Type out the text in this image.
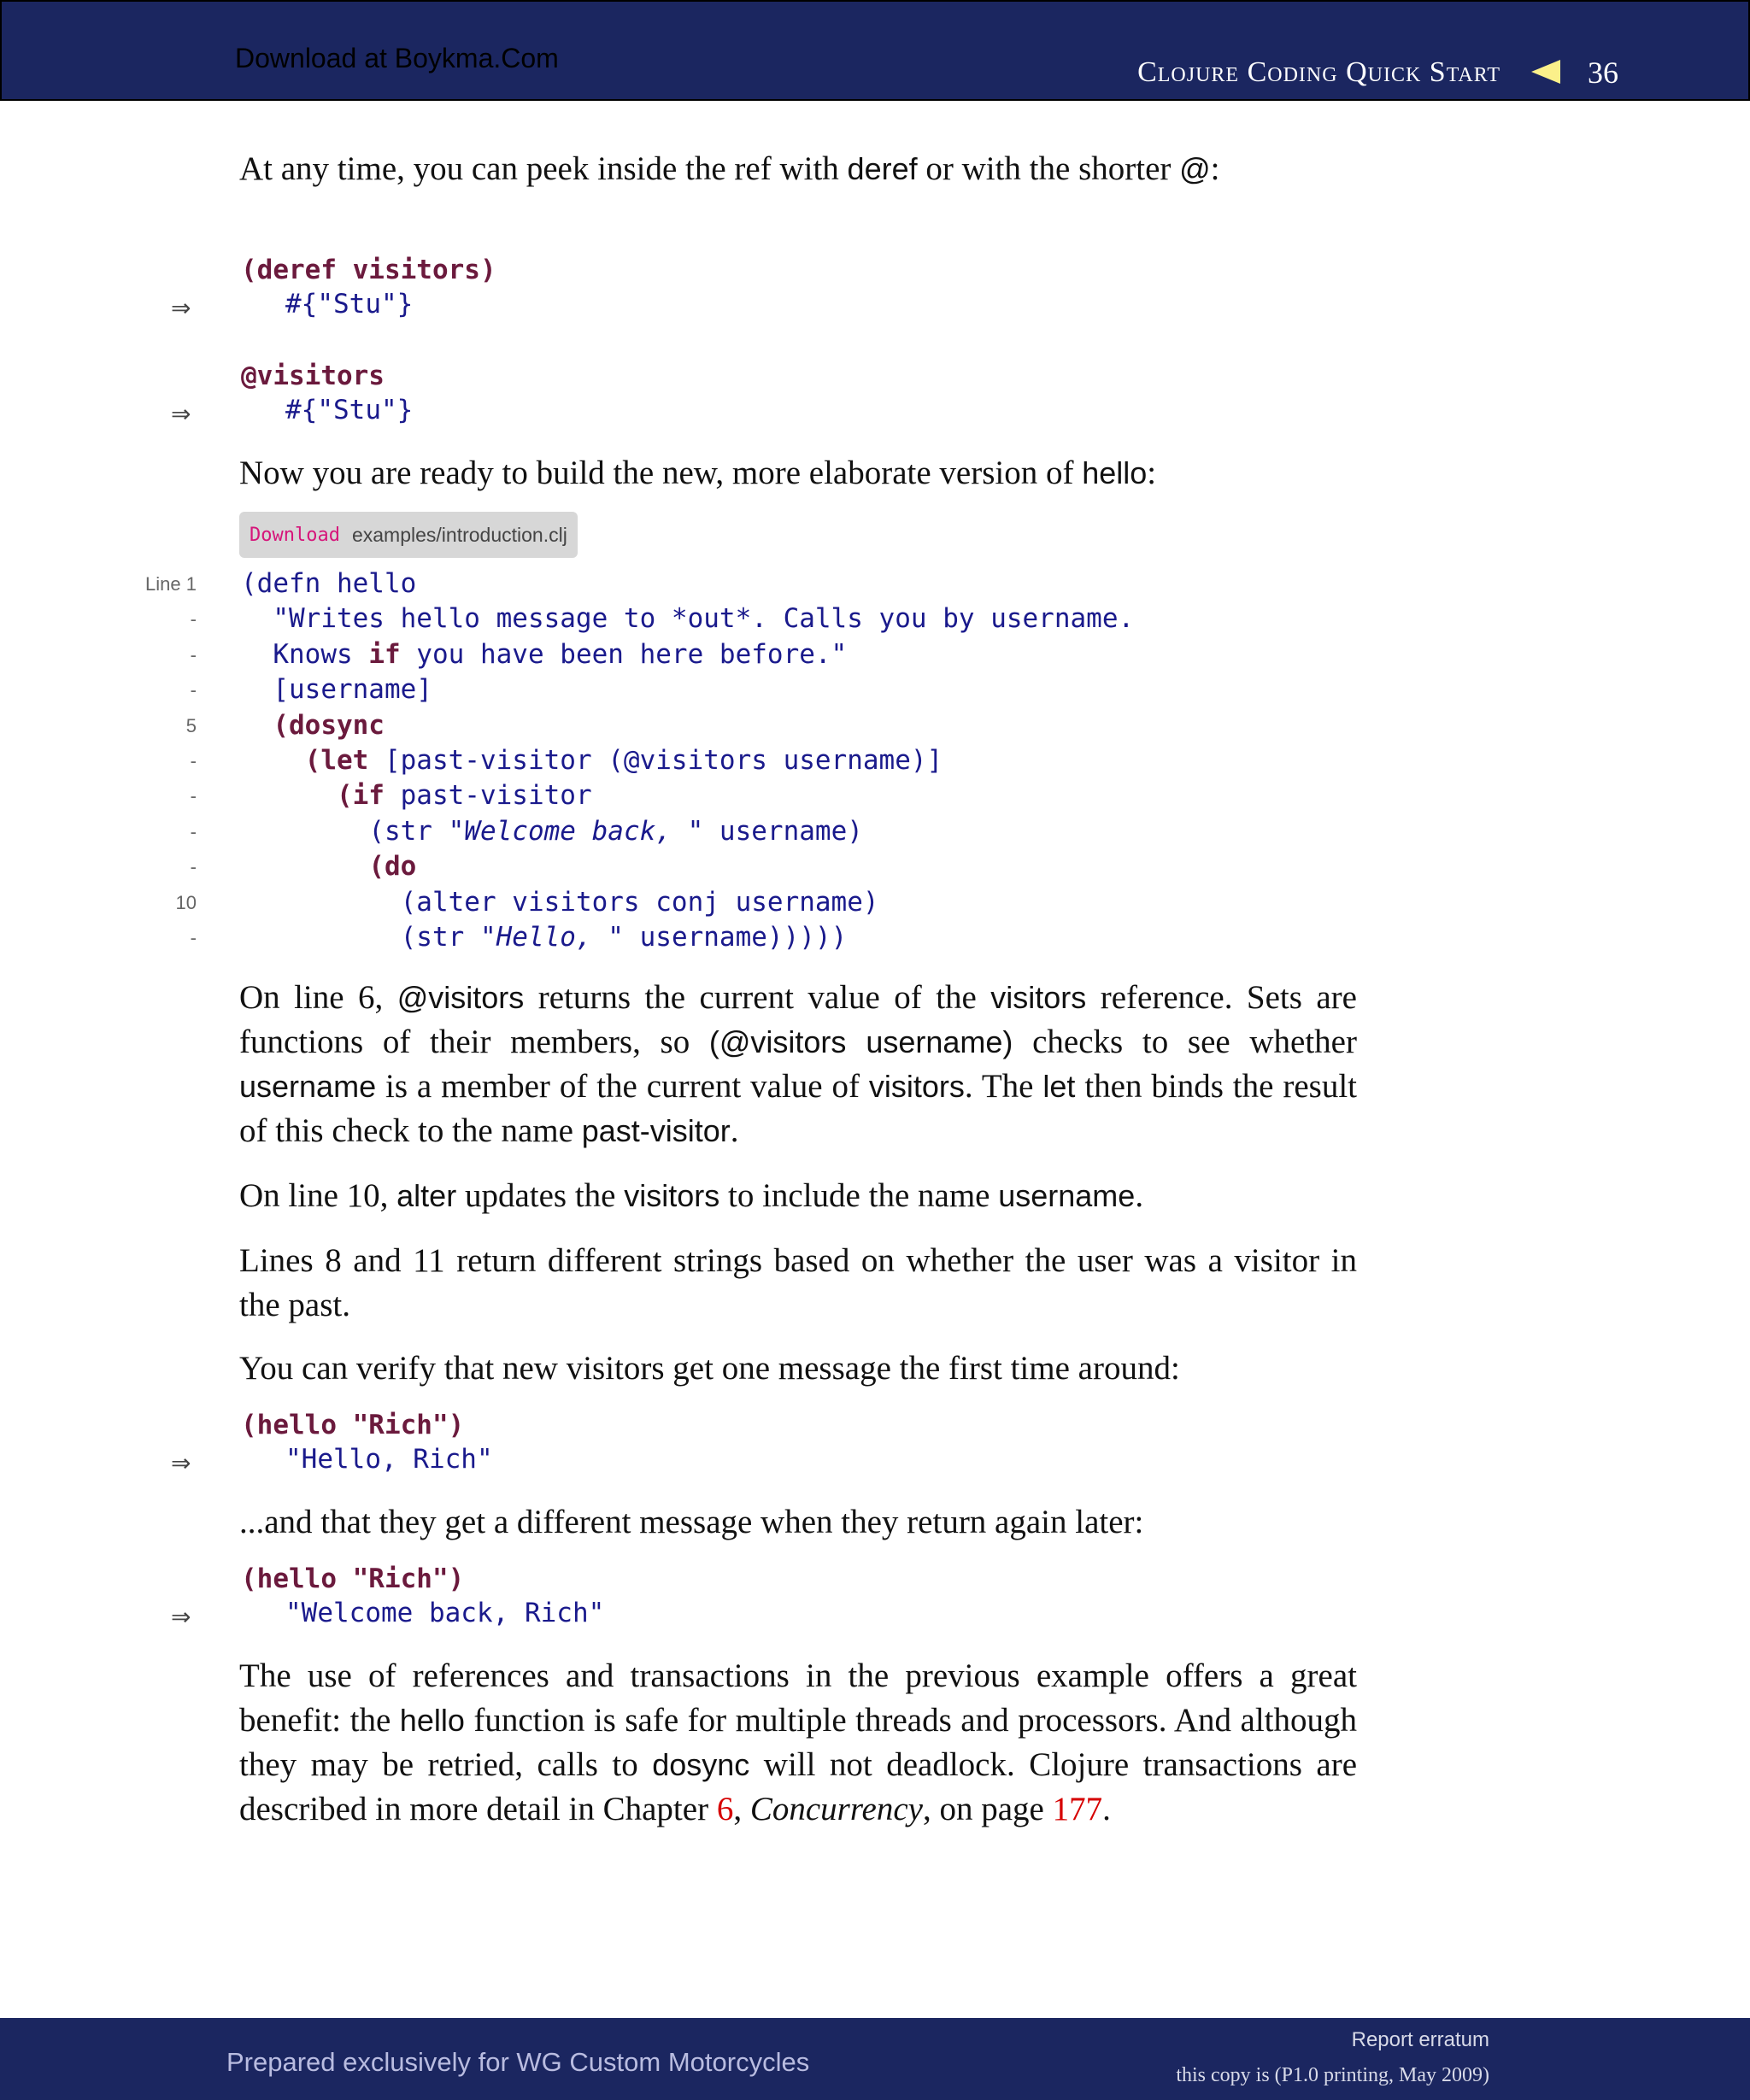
Download at Boykma.Com	Clojure Coding Quick Start	36

At any time, you can peek inside the ref with deref or with the shorter @:

(deref visitors)
⇒	#{"Stu"}
@visitors
⇒	#{"Stu"}

Now you are ready to build the new, more elaborate version of hello:

Download examples/introduction.clj
Line 1
-
-
-
5
-
-
-
-
10
-
(defn hello
"Writes hello message to *out*. Calls you by username.
Knows if you have been here before."
[username]
(dosync
(let [past-visitor (@visitors username)]
(if past-visitor
(str "Welcome back, " username)
(do
(alter visitors conj username)
(str "Hello, " username)))))

On line 6, @visitors returns the current value of the visitors reference. Sets are functions of their members, so (@visitors username) checks to see whether username is a member of the current value of visitors. The let then binds the result of this check to the name past-visitor.

On line 10, alter updates the visitors to include the name username.

Lines 8 and 11 return different strings based on whether the user was a visitor in the past.

You can verify that new visitors get one message the first time around:

(hello "Rich")
⇒	"Hello, Rich"

...and that they get a different message when they return again later:

(hello "Rich")
⇒	"Welcome back, Rich"

The use of references and transactions in the previous example offers a great benefit: the hello function is safe for multiple threads and processors. And although they may be retried, calls to dosync will not deadlock. Clojure transactions are described in more detail in Chapter 6, Concurrency, on page 177.

Prepared exclusively for WG Custom Motorcycles
Report erratum
this copy is (P1.0 printing, May 2009)
